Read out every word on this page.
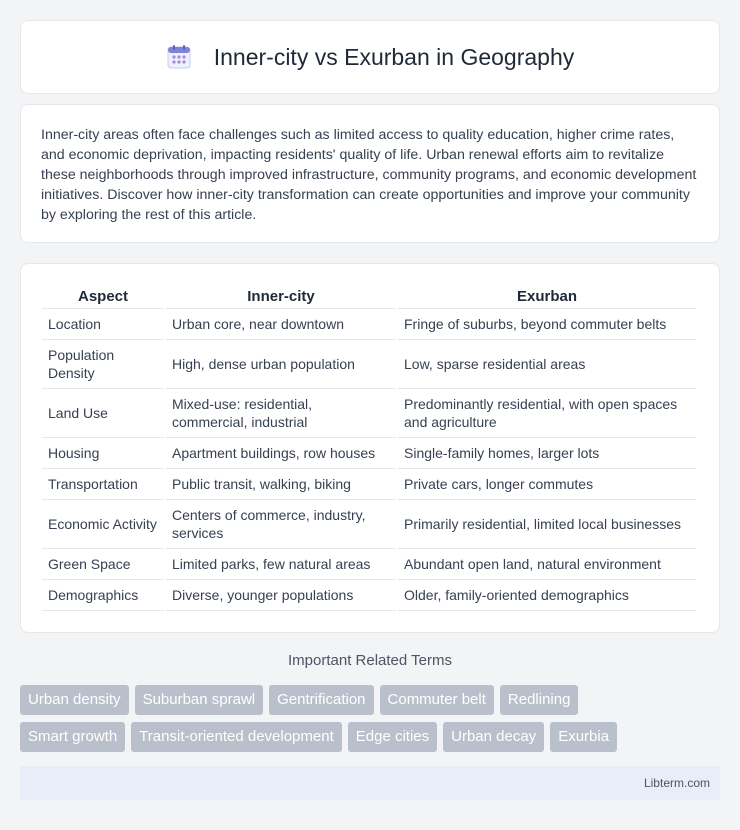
Inner-city vs Exurban in Geography

Inner-city areas often face challenges such as limited access to quality education, higher crime rates, and economic deprivation, impacting residents' quality of life. Urban renewal efforts aim to revitalize these neighborhoods through improved infrastructure, community programs, and economic development initiatives. Discover how inner-city transformation can create opportunities and improve your community by exploring the rest of this article.

Aspect	Inner-city	Exurban
Location	Urban core, near downtown	Fringe of suburbs, beyond commuter belts
Population Density	High, dense urban population	Low, sparse residential areas
Land Use	Mixed-use: residential, commercial, industrial	Predominantly residential, with open spaces and agriculture
Housing	Apartment buildings, row houses	Single-family homes, larger lots
Transportation	Public transit, walking, biking	Private cars, longer commutes
Economic Activity	Centers of commerce, industry, services	Primarily residential, limited local businesses
Green Space	Limited parks, few natural areas	Abundant open land, natural environment
Demographics	Diverse, younger populations	Older, family-oriented demographics
Important Related Terms
Urban density	Suburban sprawl	Gentrification	Commuter belt	Redlining
Smart growth	Transit-oriented development	Edge cities	Urban decay	Exurbia
Libterm.com
